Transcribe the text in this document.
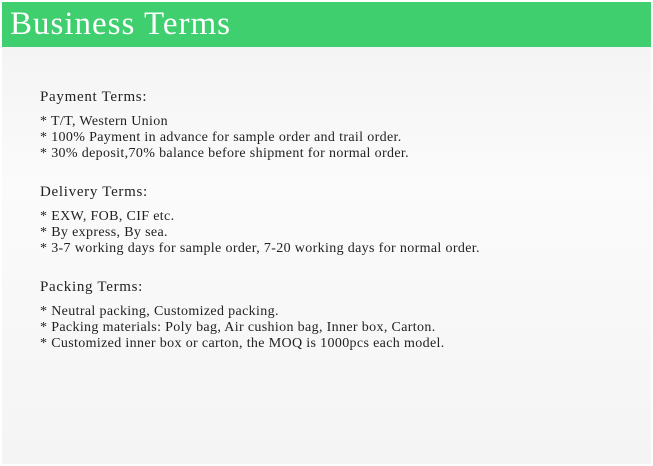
Business Terms
Payment Terms:
* T/T, Western Union
* 100% Payment in advance for sample order and trail order.
* 30% deposit,70% balance before shipment for normal order.
Delivery Terms:
* EXW, FOB, CIF etc.
* By express, By sea.
* 3-7 working days for sample order, 7-20 working days for normal order.
Packing Terms:
* Neutral packing, Customized packing.
* Packing materials: Poly bag, Air cushion bag, Inner box, Carton.
* Customized inner box or carton, the MOQ is 1000pcs each model.
